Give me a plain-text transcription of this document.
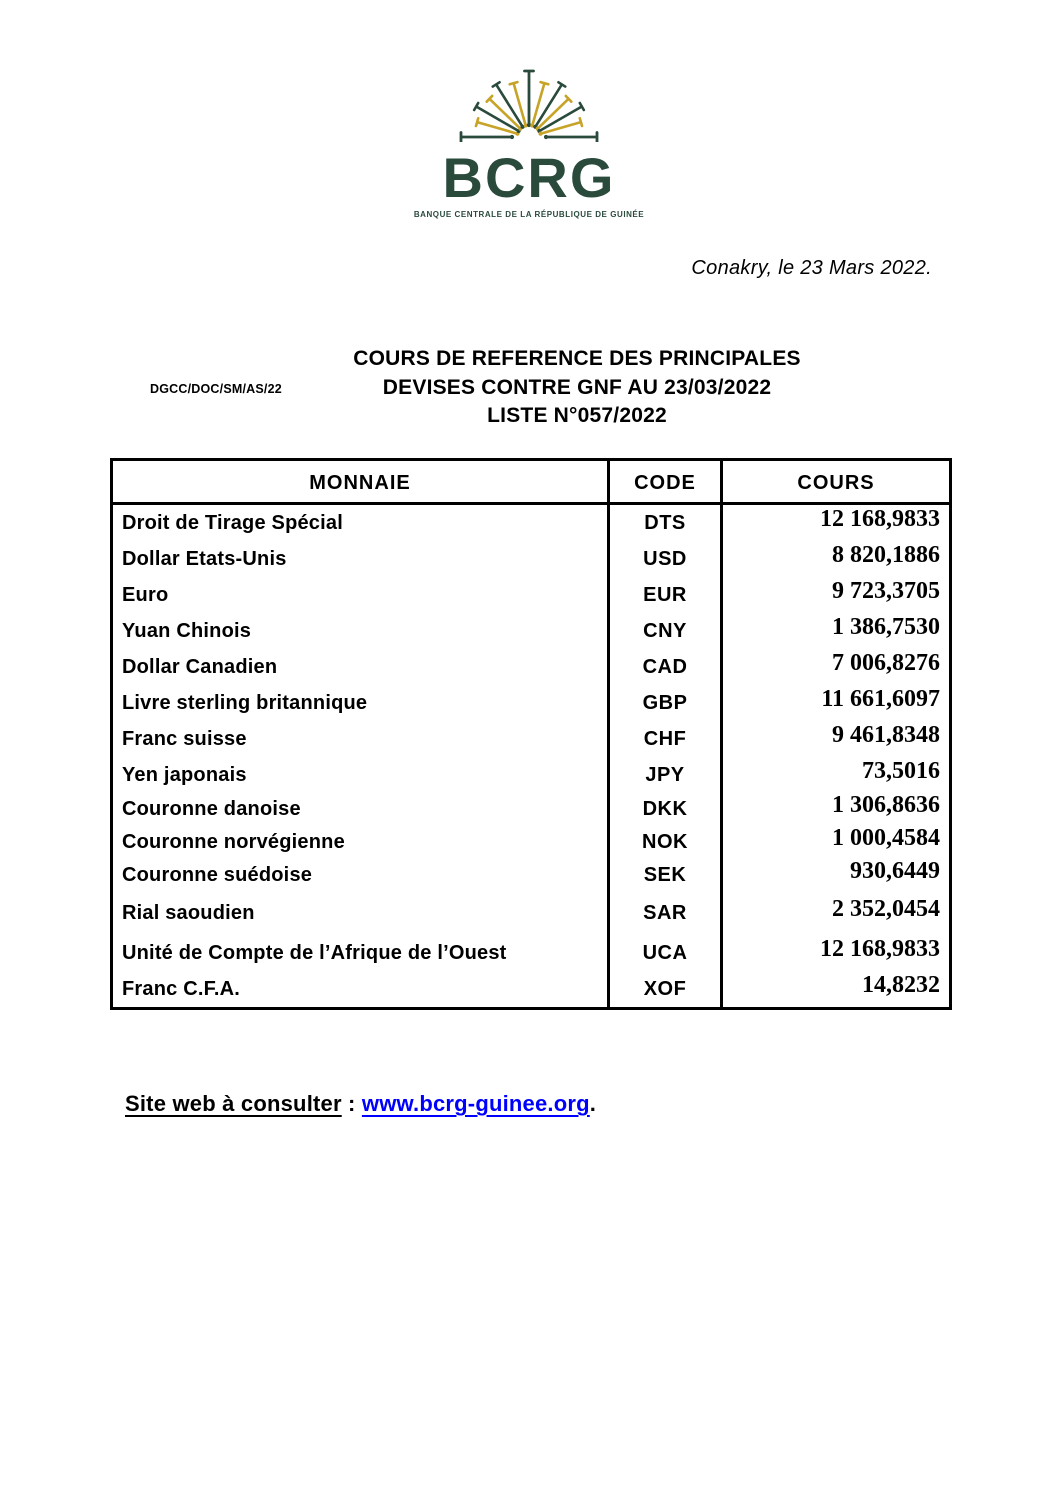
BCRG
BANQUE CENTRALE DE LA RÉPUBLIQUE DE GUINÉE
Conakry, le 23 Mars 2022.
DGCC/DOC/SM/AS/22
COURS DE REFERENCE DES PRINCIPALES
DEVISES CONTRE GNF AU 23/03/2022
LISTE N°057/2022
MONNAIE	CODE	COURS
Droit de Tirage Spécial	DTS	12 168,9833
Dollar Etats-Unis	USD	8 820,1886
Euro	EUR	9 723,3705
Yuan Chinois	CNY	1 386,7530
Dollar Canadien	CAD	7 006,8276
Livre sterling britannique	GBP	11 661,6097
Franc suisse	CHF	9 461,8348
Yen japonais	JPY	73,5016
Couronne danoise	DKK	1 306,8636
Couronne norvégienne	NOK	1 000,4584
Couronne suédoise	SEK	930,6449
Rial saoudien	SAR	2 352,0454
Unité de Compte de l’Afrique de l’Ouest	UCA	12 168,9833
Franc C.F.A.	XOF	14,8232
Site web à consulter : www.bcrg-guinee.org.
